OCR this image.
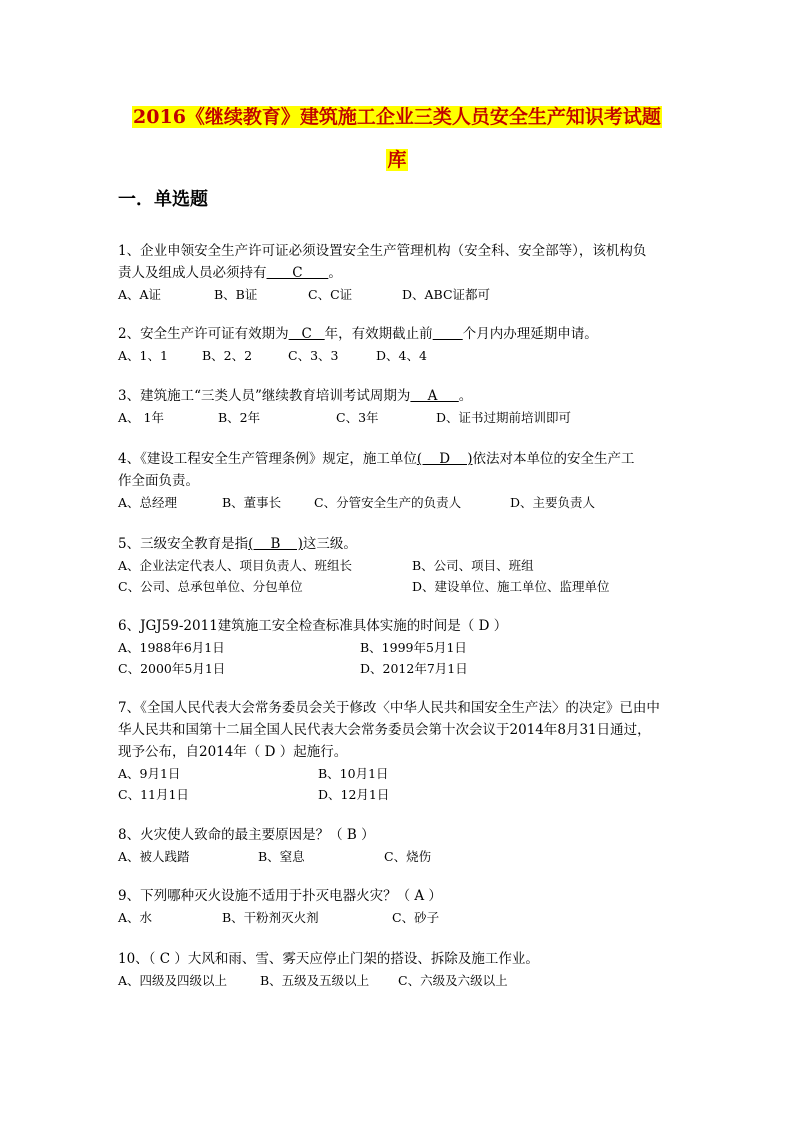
2016《继续教育》建筑施工企业三类人员安全生产知识考试题
库
一．单选题
1、企业申领安全生产许可证必须设置安全生产管理机构（安全科、安全部等），该机构负
责人及组成人员必须持有      C      。
A、A证	B、B证	C、C证	D、ABC证都可
2、安全生产许可证有效期为   C   年，有效期截止前 个月内办理延期申请。
A、1、1	B、2、2	C、3、3	D、4、4
3、建筑施工“三类人员”继续教育培训考试周期为    A     。
A、 1年	B、2年	C、3年	D、证书过期前培训即可
4、《建设工程安全生产管理条例》规定，施工单位(    D    )依法对本单位的安全生产工
作全面负责。
A、总经理	B、董事长	C、分管安全生产的负责人	D、主要负责人
5、三级安全教育是指(    B    )这三级。
A、企业法定代表人、项目负责人、班组长	B、公司、项目、班组
C、公司、总承包单位、分包单位	D、建设单位、施工单位、监理单位
6、JGJ59-2011建筑施工安全检查标准具体实施的时间是（ D ）
A、1988年6月1日	B、1999年5月1日
C、2000年5月1日	D、2012年7月1日
7、《全国人民代表大会常务委员会关于修改〈中华人民共和国安全生产法〉的决定》已由中
华人民共和国第十二届全国人民代表大会常务委员会第十次会议于2014年8月31日通过，
现予公布，自2014年（ D ）起施行。
A、9月1日	B、10月1日
C、11月1日	D、12月1日
8、火灾使人致命的最主要原因是？（ B ）
A、被人践踏	B、窒息	C、烧伤
9、下列哪种灭火设施不适用于扑灭电器火灾？（ A ）
A、水	B、干粉剂灭火剂	C、砂子
10、（ C ）大风和雨、雪、雾天应停止门架的搭设、拆除及施工作业。
A、四级及四级以上	B、五级及五级以上 C、六级及六级以上
